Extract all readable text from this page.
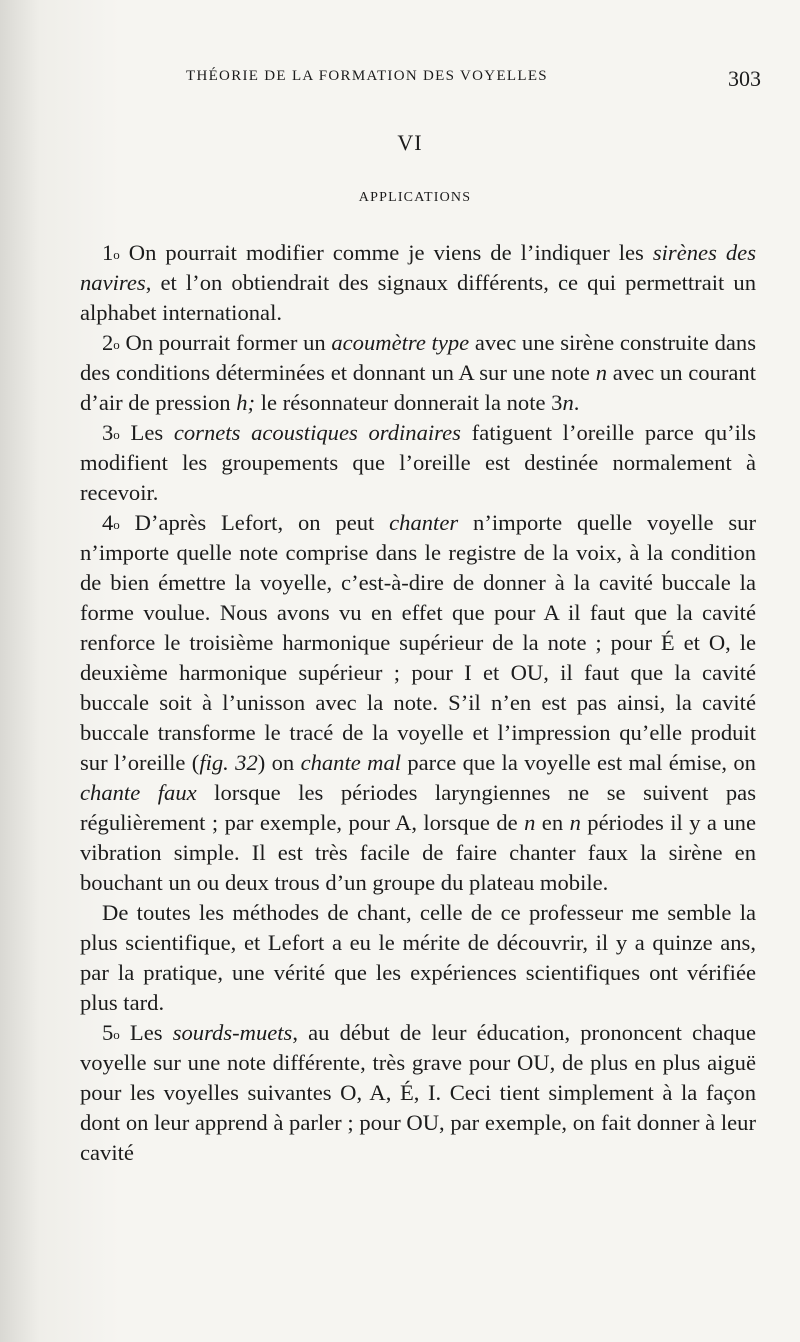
THÉORIE DE LA FORMATION DES VOYELLES	303
VI
APPLICATIONS

1$^o$ On pourrait modifier comme je viens de l’indiquer les sirènes des navires, et l’on obtiendrait des signaux différents, ce qui permettrait un alphabet international.

2$^o$ On pourrait former un acoumètre type avec une sirène construite dans des conditions déterminées et donnant un A sur une note n avec un courant d’air de pression h; le résonnateur donnerait la note 3n.

3$^o$ Les cornets acoustiques ordinaires fatiguent l’oreille parce qu’ils modifient les groupements que l’oreille est destinée normalement à recevoir.

4$^o$ D’après Lefort, on peut chanter n’importe quelle voyelle sur n’importe quelle note comprise dans le registre de la voix, à la condition de bien émettre la voyelle, c’est-à-dire de donner à la cavité buccale la forme voulue. Nous avons vu en effet que pour A il faut que la cavité renforce le troisième harmonique supérieur de la note ; pour É et O, le deuxième harmonique supérieur ; pour I et OU, il faut que la cavité buccale soit à l’unisson avec la note. S’il n’en est pas ainsi, la cavité buccale transforme le tracé de la voyelle et l’impression qu’elle produit sur l’oreille (fig. 32) on chante mal parce que la voyelle est mal émise, on chante faux lorsque les périodes laryngiennes ne se suivent pas régulièrement ; par exemple, pour A, lorsque de n en n périodes il y a une vibration simple. Il est très facile de faire chanter faux la sirène en bouchant un ou deux trous d’un groupe du plateau mobile.

De toutes les méthodes de chant, celle de ce professeur me semble la plus scientifique, et Lefort a eu le mérite de découvrir, il y a quinze ans, par la pratique, une vérité que les expériences scientifiques ont vérifiée plus tard.

5$^o$ Les sourds-muets, au début de leur éducation, prononcent chaque voyelle sur une note différente, très grave pour OU, de plus en plus aiguë pour les voyelles suivantes O, A, É, I. Ceci tient simplement à la façon dont on leur apprend à parler ; pour OU, par exemple, on fait donner à leur cavité
